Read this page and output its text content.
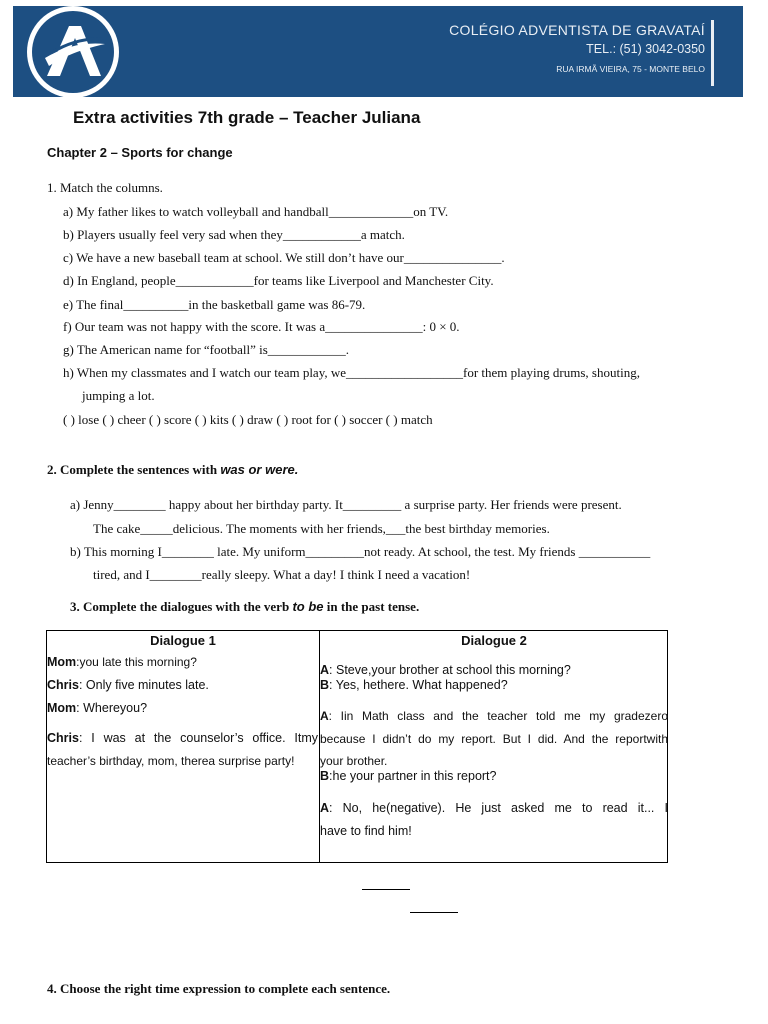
COLÉGIO ADVENTISTA DE GRAVATAÍ
TEL.: (51) 3042-0350
RUA IRMÃ VIEIRA, 75 - MONTE BELO
Extra activities 7th grade – Teacher Juliana
Chapter 2 – Sports for change
1. Match the columns.
a) My father likes to watch volleyball and handball_____________on TV.
b) Players usually feel very sad when they____________a match.
c) We have a new baseball team at school. We still don’t have our_______________.
d) In England, people____________for teams like Liverpool and Manchester City.
e) The final__________in the basketball game was 86-79.
f) Our team was not happy with the score. It was a_______________: 0 × 0.
g) The American name for “football” is____________.
h) When my classmates and I watch our team play, we__________________for them playing drums, shouting,
jumping a lot.
( ) lose ( ) cheer ( ) score ( ) kits ( ) draw ( ) root for ( ) soccer ( ) match
2. Complete the sentences with was or were.
a) Jenny________ happy about her birthday party. It_________ a surprise party. Her friends were present.
The cake_____delicious. The moments with her friends,___the best birthday memories.
b) This morning I________ late. My uniform_________not ready. At school, the test. My friends ___________
tired, and I________really sleepy. What a day! I think I need a vacation!
3. Complete the dialogues with the verb to be in the past tense.
Dialogue 1	Dialogue 2
Mom:you late this morning?
Chris: Only five minutes late.
Mom: Whereyou?
Chris: I was at the counselor’s office. Itmy
teacher’s birthday, mom, therea surprise party!
A: Steve,your brother at school this morning?
B: Yes, hethere. What happened?
A: Iin Math class and the teacher told me my gradezero
because I didn’t do my report. But I did. And the reportwith
your brother.
B:he your partner in this report?
A: No, he(negative). He just asked me to read it... I
have to find him!
4. Choose the right time expression to complete each sentence.
